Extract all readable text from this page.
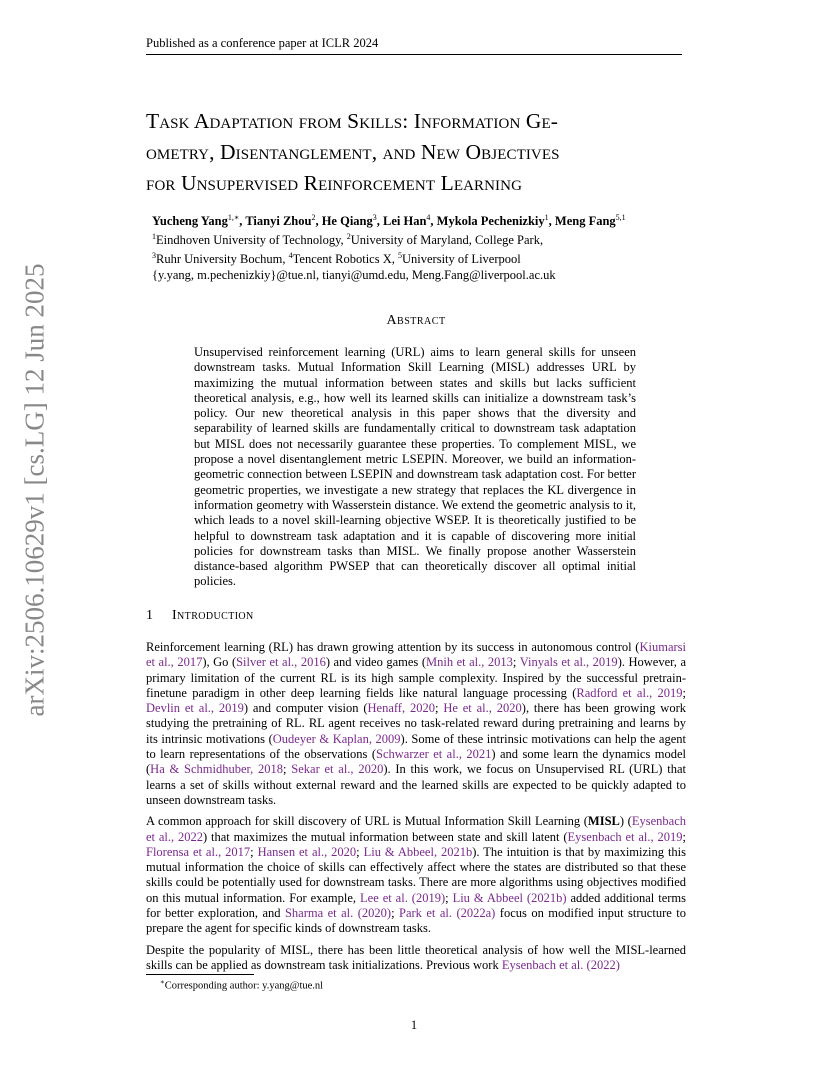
Published as a conference paper at ICLR 2024
arXiv:2506.10629v1 [cs.LG] 12 Jun 2025
Task Adaptation from Skills: Information Ge-
ometry, Disentanglement, and New Objectives
for Unsupervised Reinforcement Learning
Yucheng Yang$^{1,∗}$, Tianyi Zhou$^2$, He Qiang$^3$, Lei Han$^4$, Mykola Pechenizkiy$^1$, Meng Fang$^{5,1}$
$^1$Eindhoven University of Technology, $^2$University of Maryland, College Park,
$^3$Ruhr University Bochum, $^4$Tencent Robotics X, $^5$University of Liverpool
{y.yang, m.pechenizkiy}@tue.nl, tianyi@umd.edu, Meng.Fang@liverpool.ac.uk
Abstract
Unsupervised reinforcement learning (URL) aims to learn general skills for unseen downstream tasks. Mutual Information Skill Learning (MISL) addresses URL by maximizing the mutual information between states and skills but lacks sufficient theoretical analysis, e.g., how well its learned skills can initialize a downstream task’s policy. Our new theoretical analysis in this paper shows that the diversity and separability of learned skills are fundamentally critical to downstream task adaptation but MISL does not necessarily guarantee these properties. To complement MISL, we propose a novel disentanglement metric LSEPIN. Moreover, we build an information-geometric connection between LSEPIN and downstream task adaptation cost. For better geometric properties, we investigate a new strategy that replaces the KL divergence in information geometry with Wasserstein distance. We extend the geometric analysis to it, which leads to a novel skill-learning objective WSEP. It is theoretically justified to be helpful to downstream task adaptation and it is capable of discovering more initial policies for downstream tasks than MISL. We finally propose another Wasserstein distance-based algorithm PWSEP that can theoretically discover all optimal initial policies.
1 Introduction

Reinforcement learning (RL) has drawn growing attention by its success in autonomous control (Kiumarsi et al., 2017), Go (Silver et al., 2016) and video games (Mnih et al., 2013; Vinyals et al., 2019). However, a primary limitation of the current RL is its high sample complexity. Inspired by the successful pretrain-finetune paradigm in other deep learning fields like natural language processing (Radford et al., 2019; Devlin et al., 2019) and computer vision (Henaff, 2020; He et al., 2020), there has been growing work studying the pretraining of RL. RL agent receives no task-related reward during pretraining and learns by its intrinsic motivations (Oudeyer & Kaplan, 2009). Some of these intrinsic motivations can help the agent to learn representations of the observations (Schwarzer et al., 2021) and some learn the dynamics model (Ha & Schmidhuber, 2018; Sekar et al., 2020). In this work, we focus on Unsupervised RL (URL) that learns a set of skills without external reward and the learned skills are expected to be quickly adapted to unseen downstream tasks.

A common approach for skill discovery of URL is Mutual Information Skill Learning (MISL) (Eysenbach et al., 2022) that maximizes the mutual information between state and skill latent (Eysenbach et al., 2019; Florensa et al., 2017; Hansen et al., 2020; Liu & Abbeel, 2021b). The intuition is that by maximizing this mutual information the choice of skills can effectively affect where the states are distributed so that these skills could be potentially used for downstream tasks. There are more algorithms using objectives modified on this mutual information. For example, Lee et al. (2019); Liu & Abbeel (2021b) added additional terms for better exploration, and Sharma et al. (2020); Park et al. (2022a) focus on modified input structure to prepare the agent for specific kinds of downstream tasks.

Despite the popularity of MISL, there has been little theoretical analysis of how well the MISL-learned skills can be applied as downstream task initializations. Previous work Eysenbach et al. (2022)

∗Corresponding author: y.yang@tue.nl
1
